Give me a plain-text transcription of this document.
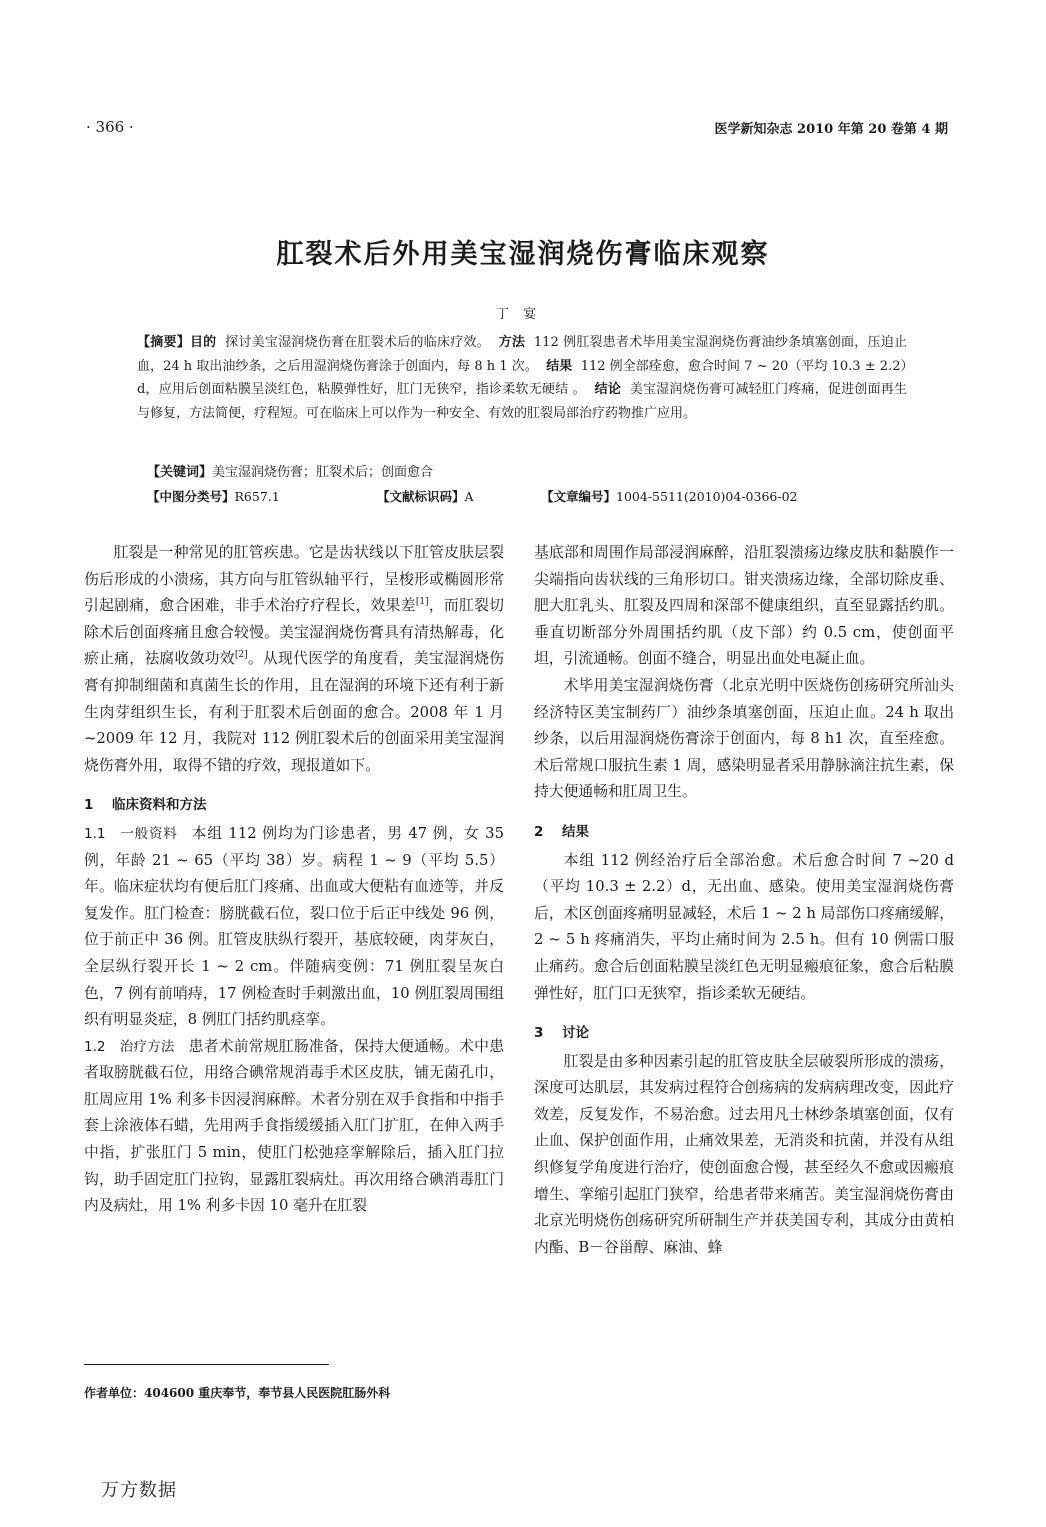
· 366 ·	医学新知杂志 2010 年第 20 卷第 4 期
肛裂术后外用美宝湿润烧伤膏临床观察
丁宴
【摘要】目的 探讨美宝湿润烧伤膏在肛裂术后的临床疗效。 方法 112 例肛裂患者术毕用美宝湿润烧伤膏油纱条填塞创面，压迫止血，24 h 取出油纱条，之后用湿润烧伤膏涂于创面内，每 8 h 1 次。 结果 112 例全部痊愈，愈合时间 7 ~ 20（平均 10.3 ± 2.2）d，应用后创面粘膜呈淡红色，粘膜弹性好，肛门无狭窄，指诊柔软无硬结 。 结论 美宝湿润烧伤膏可减轻肛门疼痛，促进创面再生与修复，方法简便，疗程短。可在临床上可以作为一种安全、有效的肛裂局部治疗药物推广应用。
【关键词】美宝湿润烧伤膏；肛裂术后；创面愈合
【中图分类号】R657.1	【文献标识码】A	【文章编号】1004-5511(2010)04-0366-02

肛裂是一种常见的肛管疾患。它是齿状线以下肛管皮肤层裂伤后形成的小溃疡，其方向与肛管纵轴平行，呈梭形或椭圆形常引起剧痛，愈合困难，非手术治疗疗程长，效果差[1]，而肛裂切除术后创面疼痛且愈合较慢。美宝湿润烧伤膏具有清热解毒，化瘀止痛，祛腐收敛功效[2]。从现代医学的角度看，美宝湿润烧伤膏有抑制细菌和真菌生长的作用，且在湿润的环境下还有利于新生肉芽组织生长，有利于肛裂术后创面的愈合。2008 年 1 月 ~2009 年 12 月，我院对 112 例肛裂术后的创面采用美宝湿润烧伤膏外用，取得不错的疗效，现报道如下。

1 临床资料和方法

1.1 一般资料 本组 112 例均为门诊患者，男 47 例，女 35 例，年龄 21 ~ 65（平均 38）岁。病程 1 ~ 9（平均 5.5）年。临床症状均有便后肛门疼痛、出血或大便粘有血迹等，并反复发作。肛门检查：膀胱截石位，裂口位于后正中线处 96 例，位于前正中 36 例。肛管皮肤纵行裂开，基底较硬，肉芽灰白，全层纵行裂开长 1 ~ 2 cm。伴随病变例：71 例肛裂呈灰白色，7 例有前哨痔，17 例检查时手刺激出血，10 例肛裂周围组织有明显炎症，8 例肛门括约肌痉挛。

1.2 治疗方法 患者术前常规肛肠准备，保持大便通畅。术中患者取膀胱截石位，用络合碘常规消毒手术区皮肤，铺无菌孔巾，肛周应用 1% 利多卡因浸润麻醉。术者分别在双手食指和中指手套上涂液体石蜡，先用两手食指缓缓插入肛门扩肛，在伸入两手中指，扩张肛门 5 min，使肛门松弛痉挛解除后，插入肛门拉钩，助手固定肛门拉钩，显露肛裂病灶。再次用络合碘消毒肛门内及病灶，用 1% 利多卡因 10 毫升在肛裂

基底部和周围作局部浸润麻醉，沿肛裂溃疡边缘皮肤和黏膜作一尖端指向齿状线的三角形切口。钳夹溃疡边缘，全部切除皮垂、肥大肛乳头、肛裂及四周和深部不健康组织，直至显露括约肌。垂直切断部分外周围括约肌（皮下部）约 0.5 cm，使创面平坦，引流通畅。创面不缝合，明显出血处电凝止血。

术毕用美宝湿润烧伤膏（北京光明中医烧伤创疡研究所汕头经济特区美宝制药厂）油纱条填塞创面，压迫止血。24 h 取出纱条，以后用湿润烧伤膏涂于创面内，每 8 h1 次，直至痊愈。术后常规口服抗生素 1 周，感染明显者采用静脉滴注抗生素，保持大便通畅和肛周卫生。

2 结果

本组 112 例经治疗后全部治愈。术后愈合时间 7 ~20 d（平均 10.3 ± 2.2）d，无出血、感染。使用美宝湿润烧伤膏后，术区创面疼痛明显减轻，术后 1 ~ 2 h 局部伤口疼痛缓解，2 ~ 5 h 疼痛消失，平均止痛时间为 2.5 h。但有 10 例需口服止痛药。愈合后创面粘膜呈淡红色无明显瘢痕征象，愈合后粘膜弹性好，肛门口无狭窄，指诊柔软无硬结。

3 讨论

肛裂是由多种因素引起的肛管皮肤全层破裂所形成的溃疡，深度可达肌层，其发病过程符合创疡病的发病病理改变，因此疗效差，反复发作，不易治愈。过去用凡士林纱条填塞创面，仅有止血、保护创面作用，止痛效果差，无消炎和抗菌，并没有从组织修复学角度进行治疗，使创面愈合慢，甚至经久不愈或因瘢痕增生、挛缩引起肛门狭窄，给患者带来痛苦。美宝湿润烧伤膏由北京光明烧伤创疡研究所研制生产并获美国专利，其成分由黄柏内酯、B－谷甾醇、麻油、蜂

作者单位：404600 重庆奉节，奉节县人民医院肛肠外科
万方数据
